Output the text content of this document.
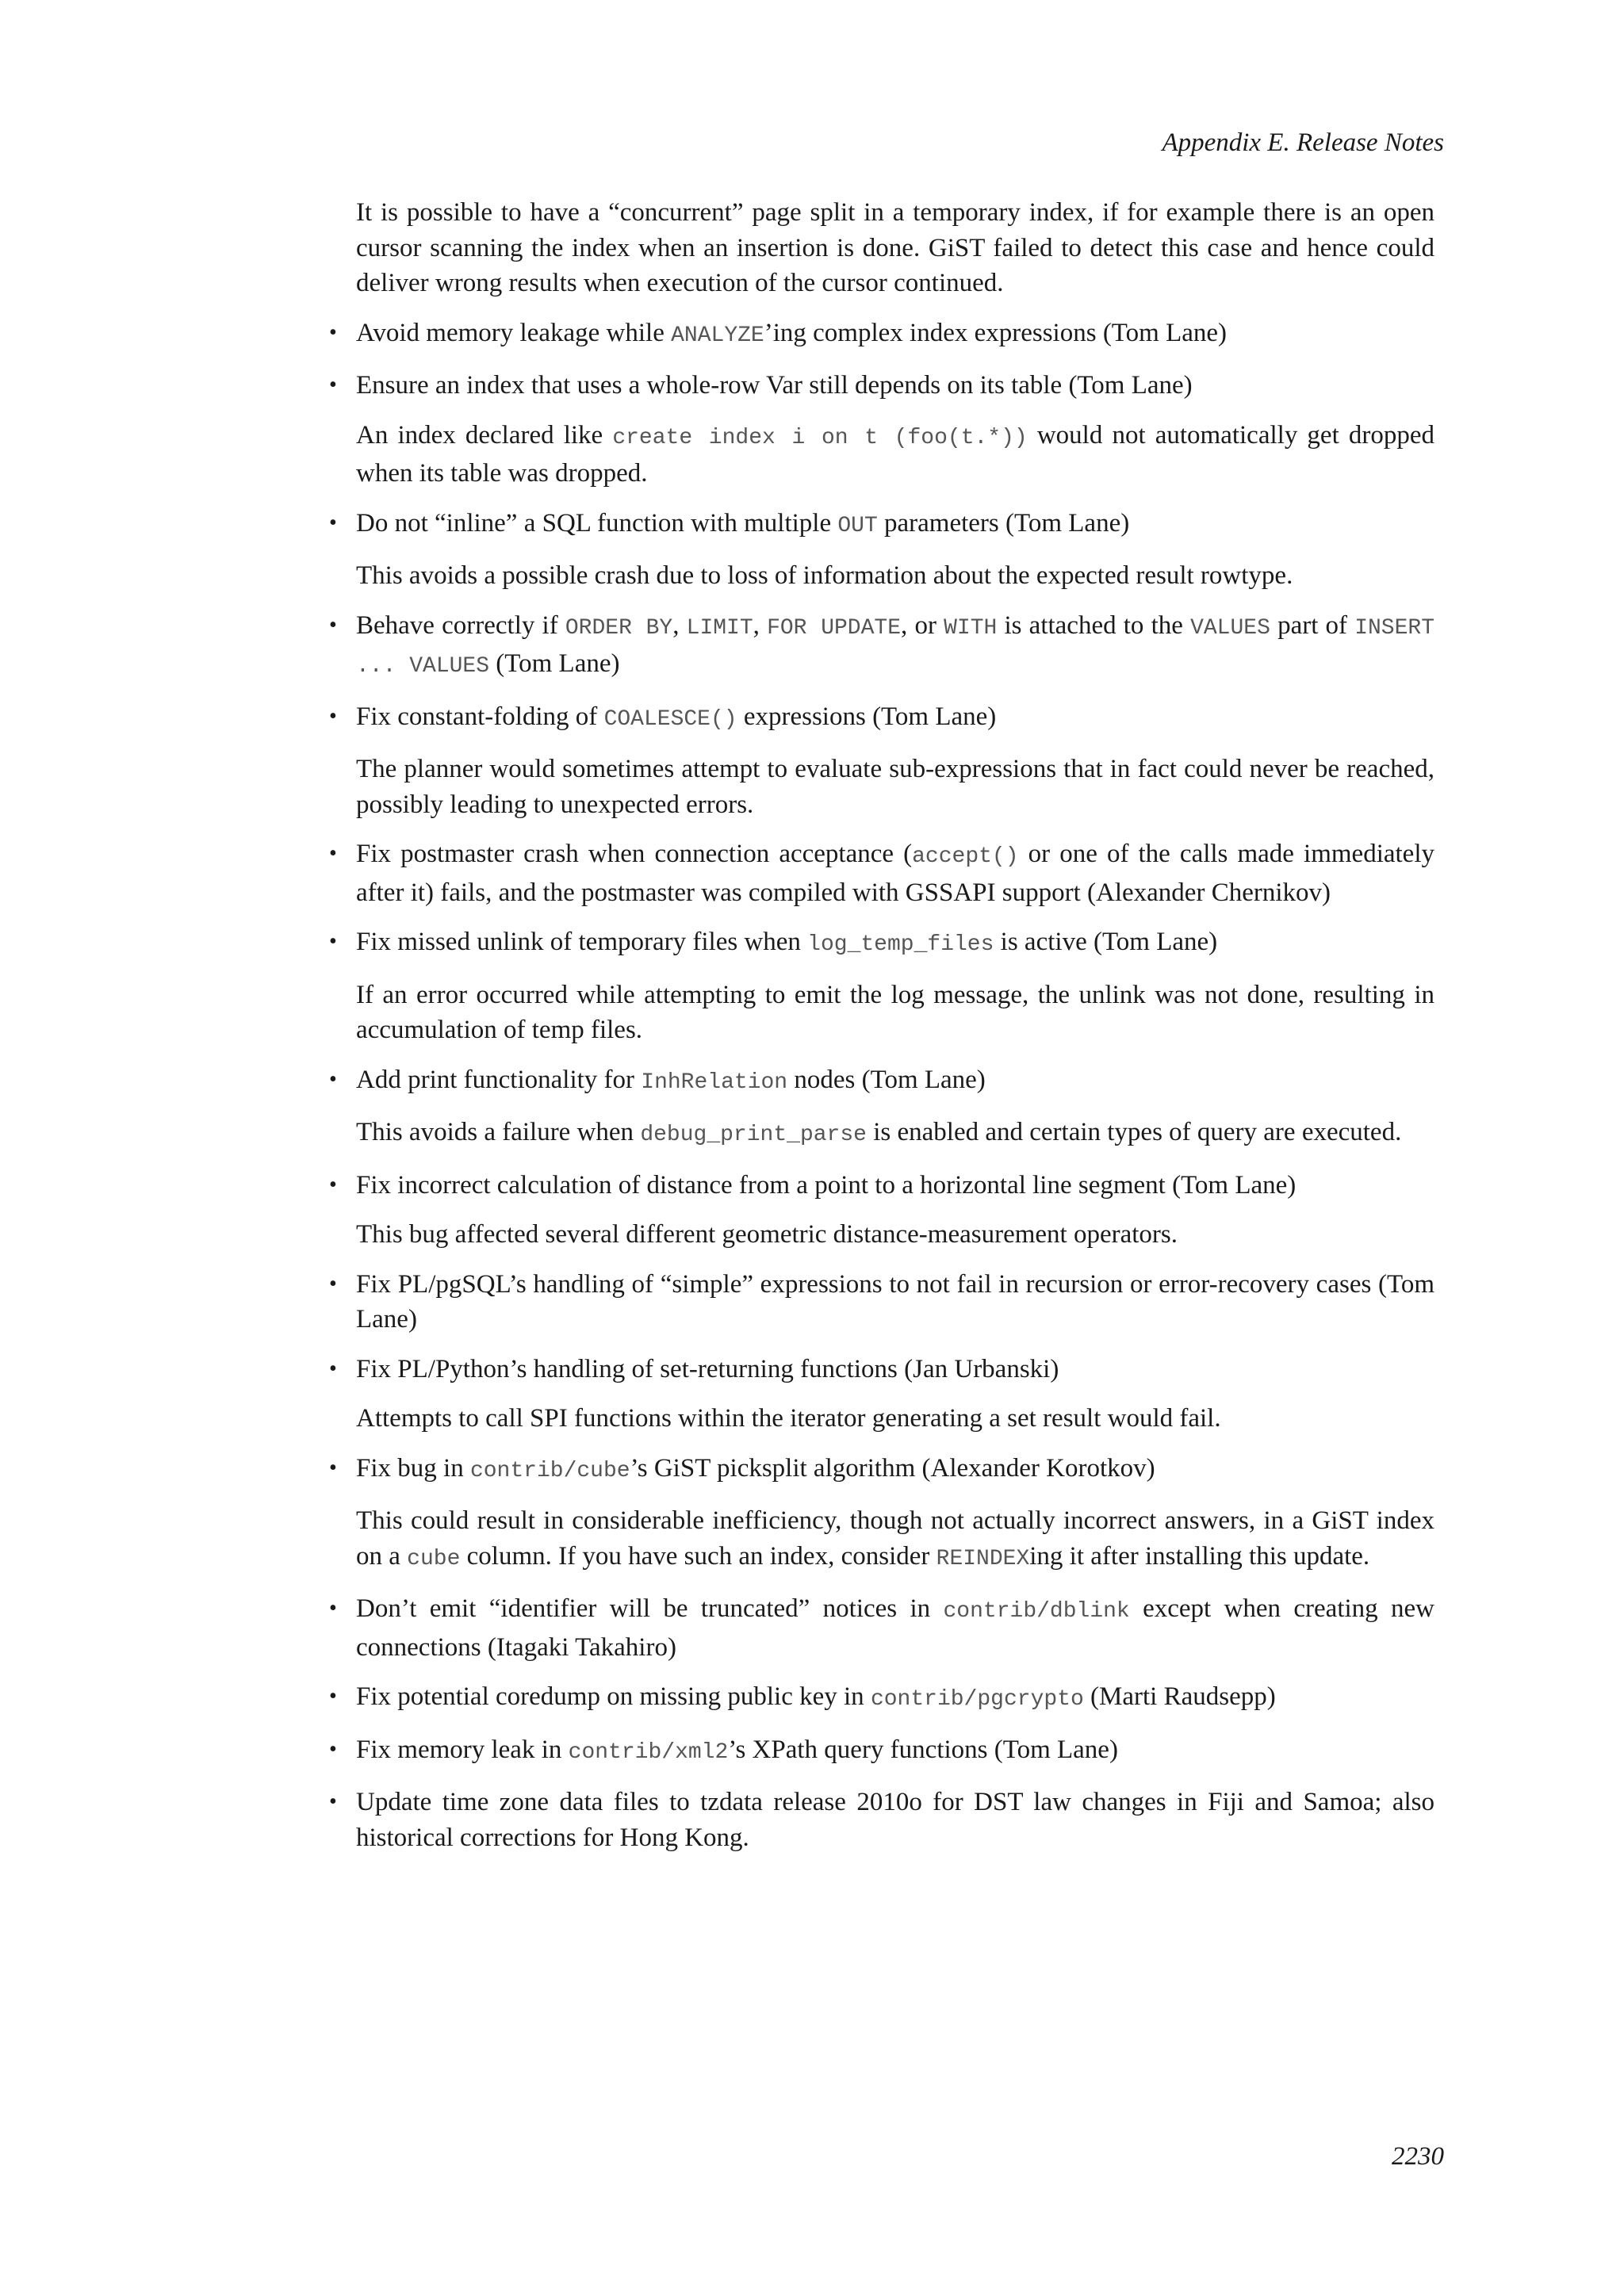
Appendix E. Release Notes

It is possible to have a “concurrent” page split in a temporary index, if for example there is an open cursor scanning the index when an insertion is done. GiST failed to detect this case and hence could deliver wrong results when execution of the cursor continued.

• Avoid memory leakage while ANALYZE’ing complex index expressions (Tom Lane)

• Ensure an index that uses a whole-row Var still depends on its table (Tom Lane)

An index declared like create index i on t (foo(t.*)) would not automatically get dropped when its table was dropped.

• Do not “inline” a SQL function with multiple OUT parameters (Tom Lane)

This avoids a possible crash due to loss of information about the expected result rowtype.

• Behave correctly if ORDER BY, LIMIT, FOR UPDATE, or WITH is attached to the VALUES part of INSERT ... VALUES (Tom Lane)

• Fix constant-folding of COALESCE() expressions (Tom Lane)

The planner would sometimes attempt to evaluate sub-expressions that in fact could never be reached, possibly leading to unexpected errors.

• Fix postmaster crash when connection acceptance (accept() or one of the calls made immediately after it) fails, and the postmaster was compiled with GSSAPI support (Alexander Chernikov)

• Fix missed unlink of temporary files when log_temp_files is active (Tom Lane)

If an error occurred while attempting to emit the log message, the unlink was not done, resulting in accumulation of temp files.

• Add print functionality for InhRelation nodes (Tom Lane)

This avoids a failure when debug_print_parse is enabled and certain types of query are executed.

• Fix incorrect calculation of distance from a point to a horizontal line segment (Tom Lane)

This bug affected several different geometric distance-measurement operators.

• Fix PL/pgSQL’s handling of “simple” expressions to not fail in recursion or error-recovery cases (Tom Lane)

• Fix PL/Python’s handling of set-returning functions (Jan Urbanski)

Attempts to call SPI functions within the iterator generating a set result would fail.

• Fix bug in contrib/cube’s GiST picksplit algorithm (Alexander Korotkov)

This could result in considerable inefficiency, though not actually incorrect answers, in a GiST index on a cube column. If you have such an index, consider REINDEXing it after installing this update.

• Don’t emit “identifier will be truncated” notices in contrib/dblink except when creating new connections (Itagaki Takahiro)

• Fix potential coredump on missing public key in contrib/pgcrypto (Marti Raudsepp)

• Fix memory leak in contrib/xml2’s XPath query functions (Tom Lane)

• Update time zone data files to tzdata release 2010o for DST law changes in Fiji and Samoa; also historical corrections for Hong Kong.

2230
